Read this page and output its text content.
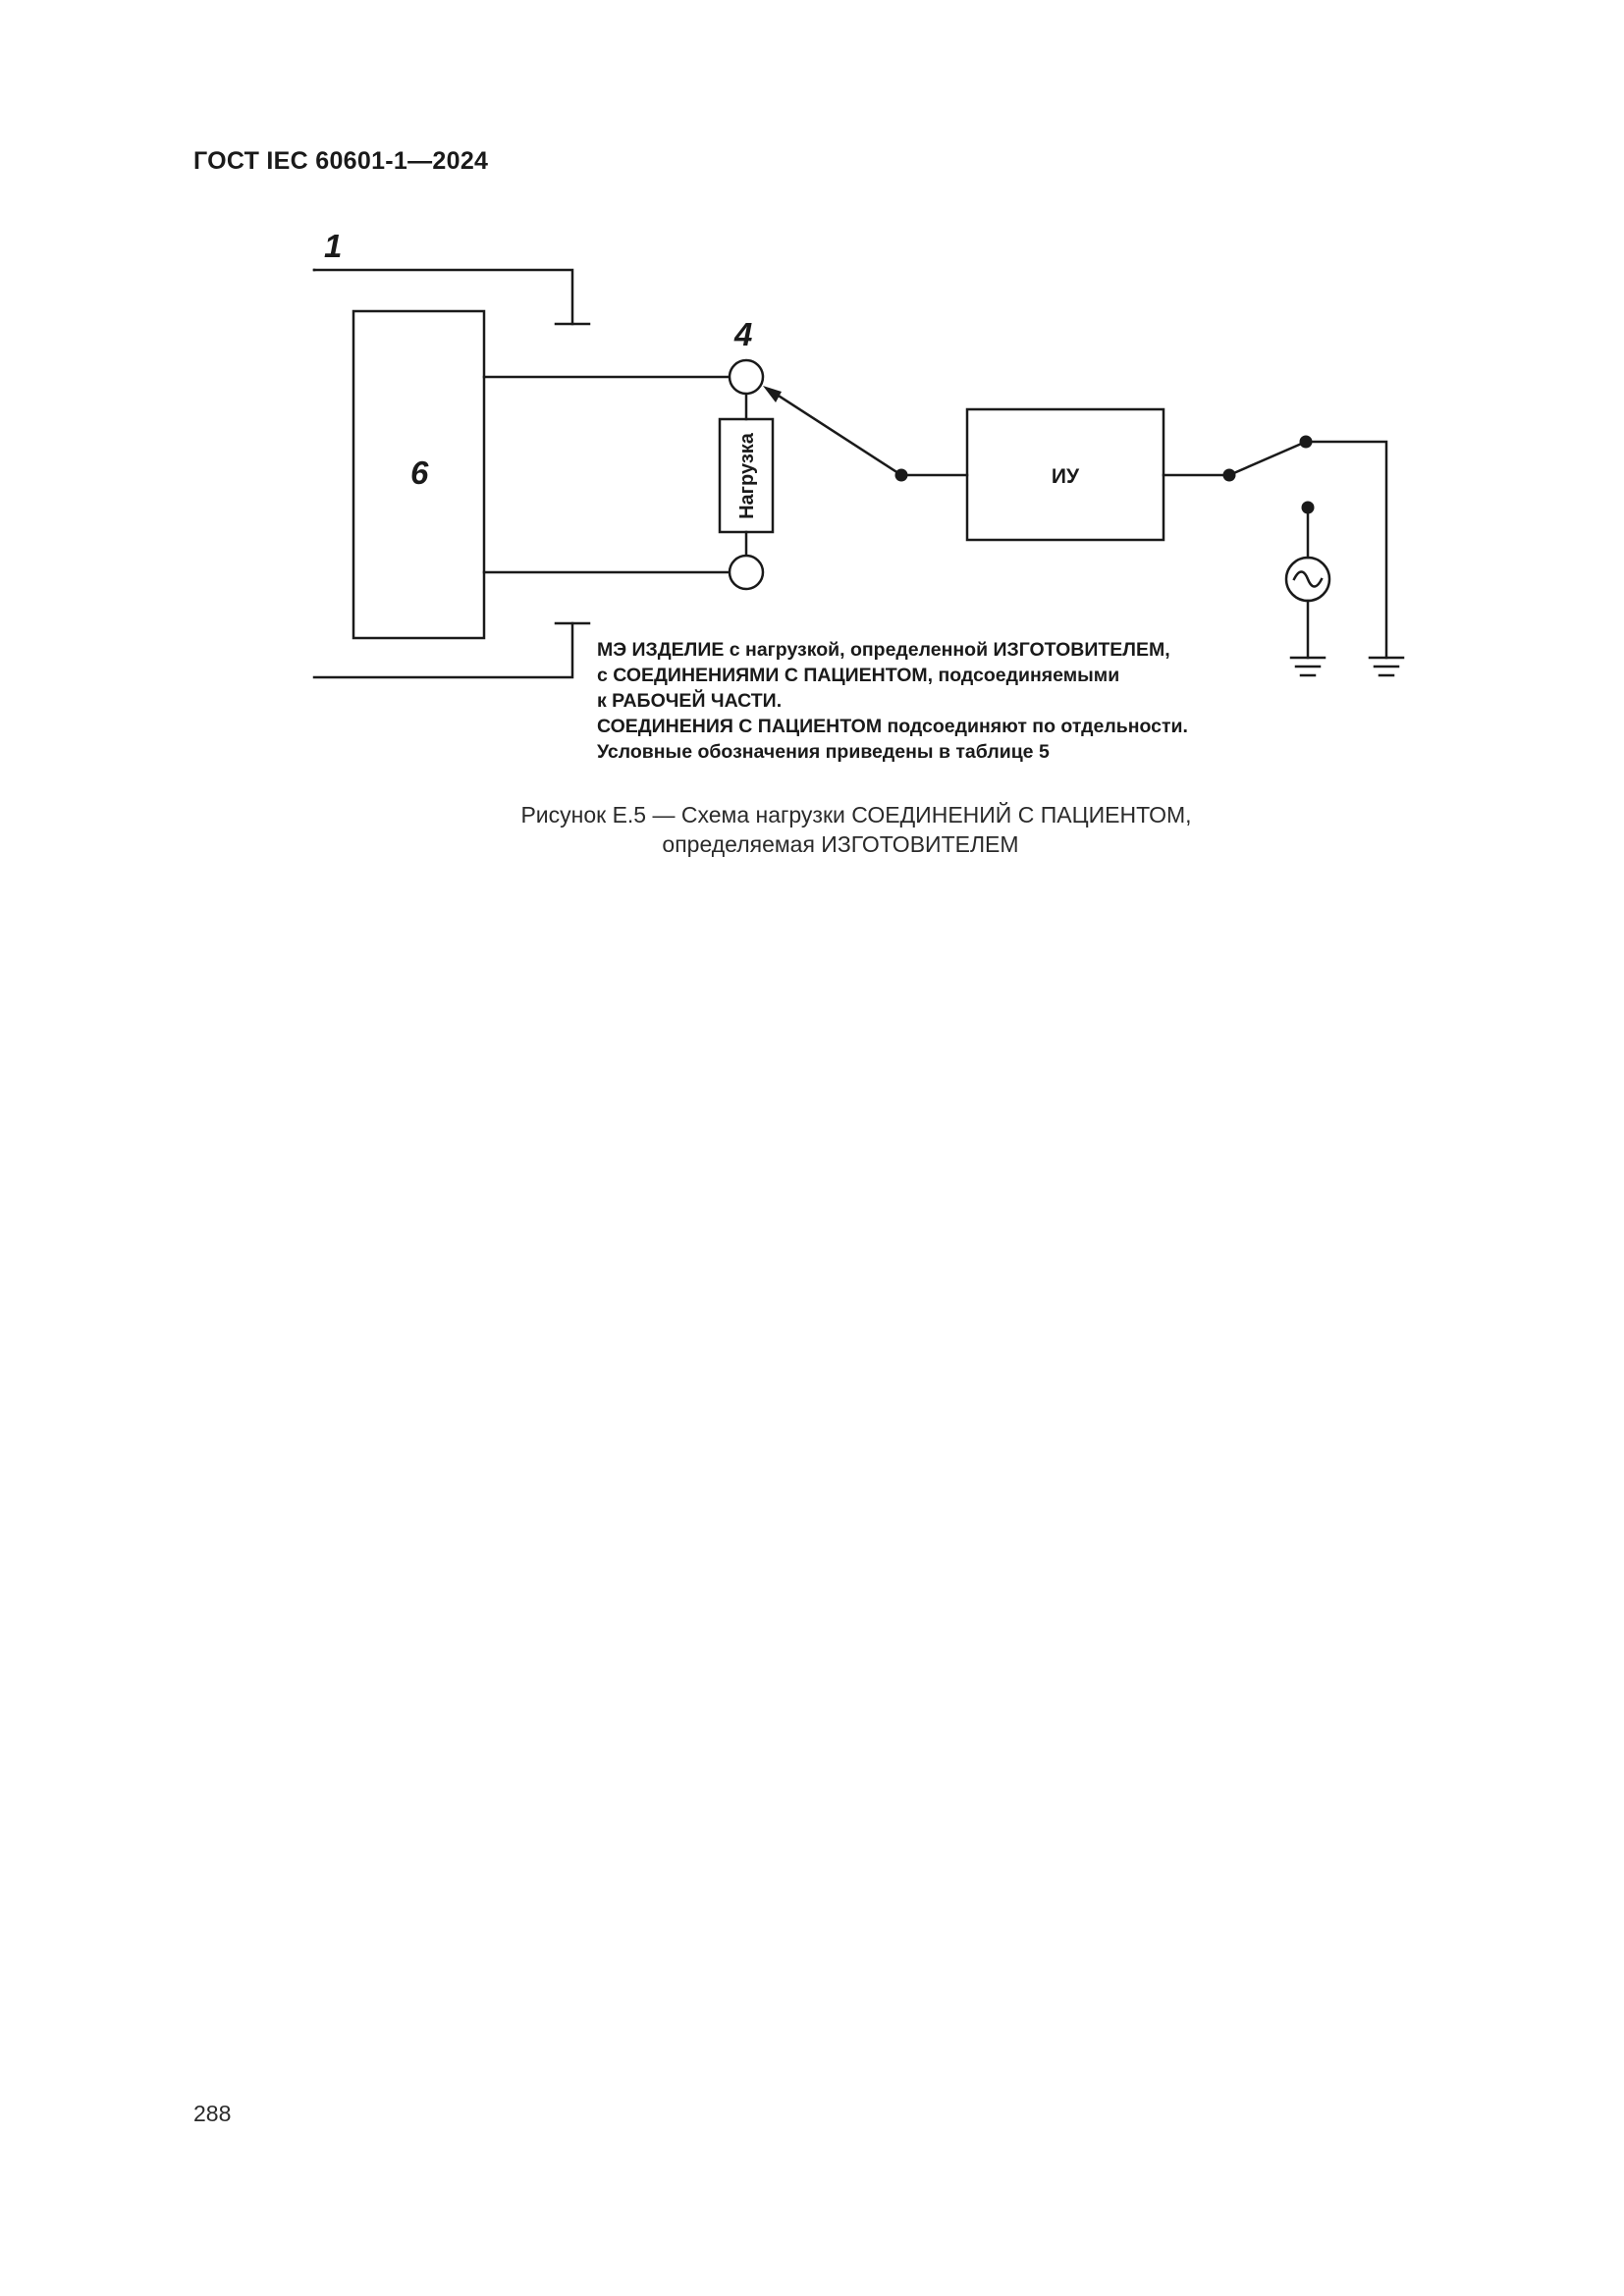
ГОСТ IEC 60601-1—2024
1
4
6	Нагрузка	ИУ
МЭ ИЗДЕЛИЕ с нагрузкой, определенной ИЗГОТОВИТЕЛЕМ,
с СОЕДИНЕНИЯМИ С ПАЦИЕНТОМ, подсоединяемыми
к РАБОЧЕЙ ЧАСТИ.
СОЕДИНЕНИЯ С ПАЦИЕНТОМ подсоединяют по отдельности.
Условные обозначения приведены в таблице 5
Рисунок Е.5 — Схема нагрузки СОЕДИНЕНИЙ С ПАЦИЕНТОМ,
определяемая ИЗГОТОВИТЕЛЕМ
288
